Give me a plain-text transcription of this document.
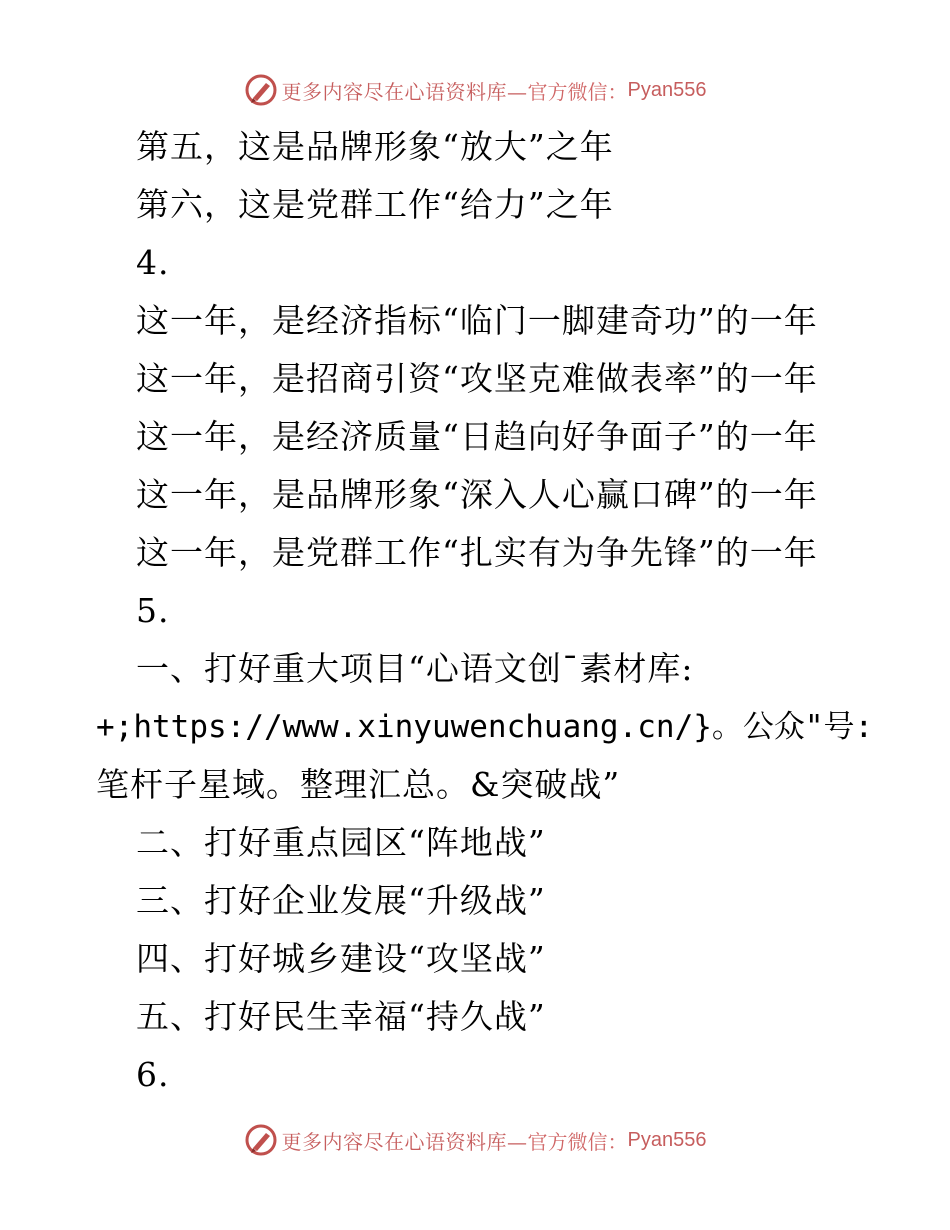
更多内容尽在心语资料库— 官方微信： Pyan556
第五，这是品牌形象“放大”之年
第六，这是党群工作“给力”之年
4.
这一年，是经济指标“临门一脚建奇功”的一年
这一年，是招商引资“攻坚克难做表率”的一年
这一年，是经济质量“日趋向好争面子”的一年
这一年，是品牌形象“深入人心赢口碑”的一年
这一年，是党群工作“扎实有为争先锋”的一年
5.
一、打好重大项目“心语文创¯素材库:
+;https://www.xinyuwenchuang.cn/}。公众"号:
笔杆子星域。整理汇总。&突破战”
二、打好重点园区“阵地战”
三、打好企业发展“升级战”
四、打好城乡建设“攻坚战”
五、打好民生幸福“持久战”
6.
更多内容尽在心语资料库— 官方微信： Pyan556
